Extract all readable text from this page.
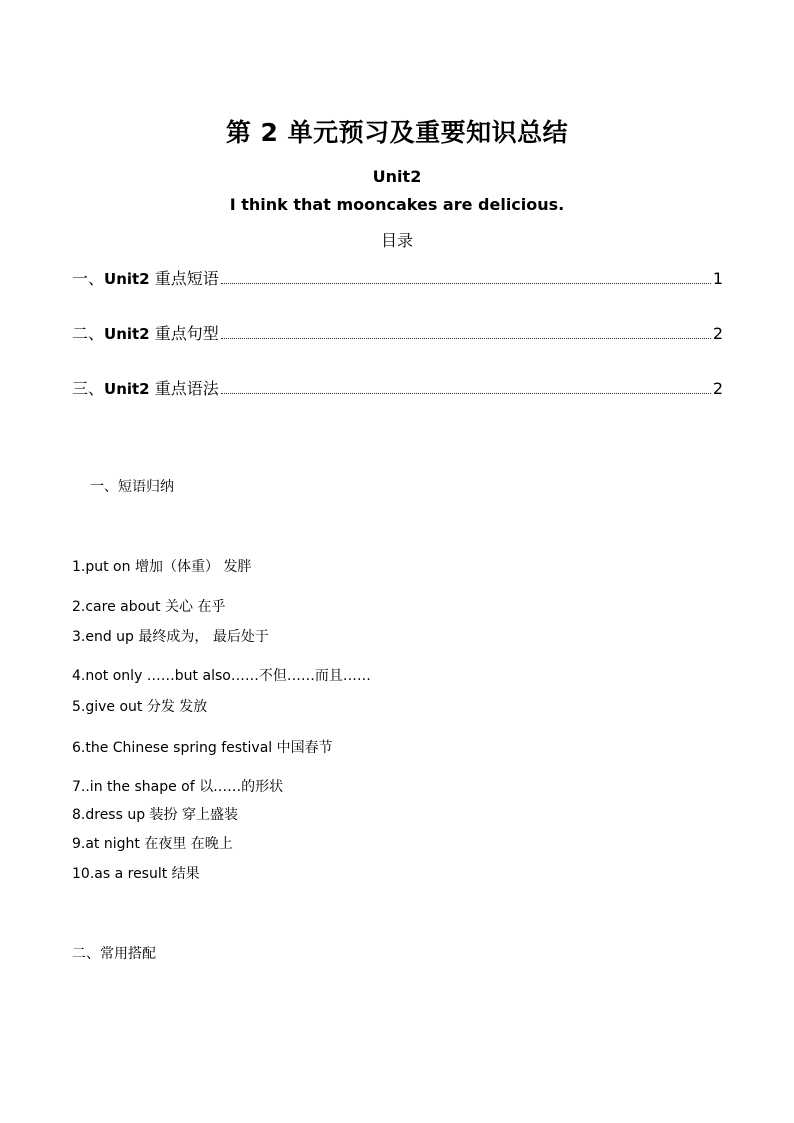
第 2 单元预习及重要知识总结
Unit2
I think that mooncakes are delicious.
目录
一、Unit2 重点短语	1
二、Unit2 重点句型	2
三、Unit2 重点语法	2
一、短语归纳
1.put on 增加（体重） 发胖
2.care about 关心 在乎
3.end up 最终成为， 最后处于
4.not only ……but also……不但……而且……
5.give out 分发 发放
6.the Chinese spring festival 中国春节
7..in the shape of 以……的形状
8.dress up 装扮 穿上盛装
9.at night 在夜里 在晚上
10.as a result 结果
二、常用搭配
